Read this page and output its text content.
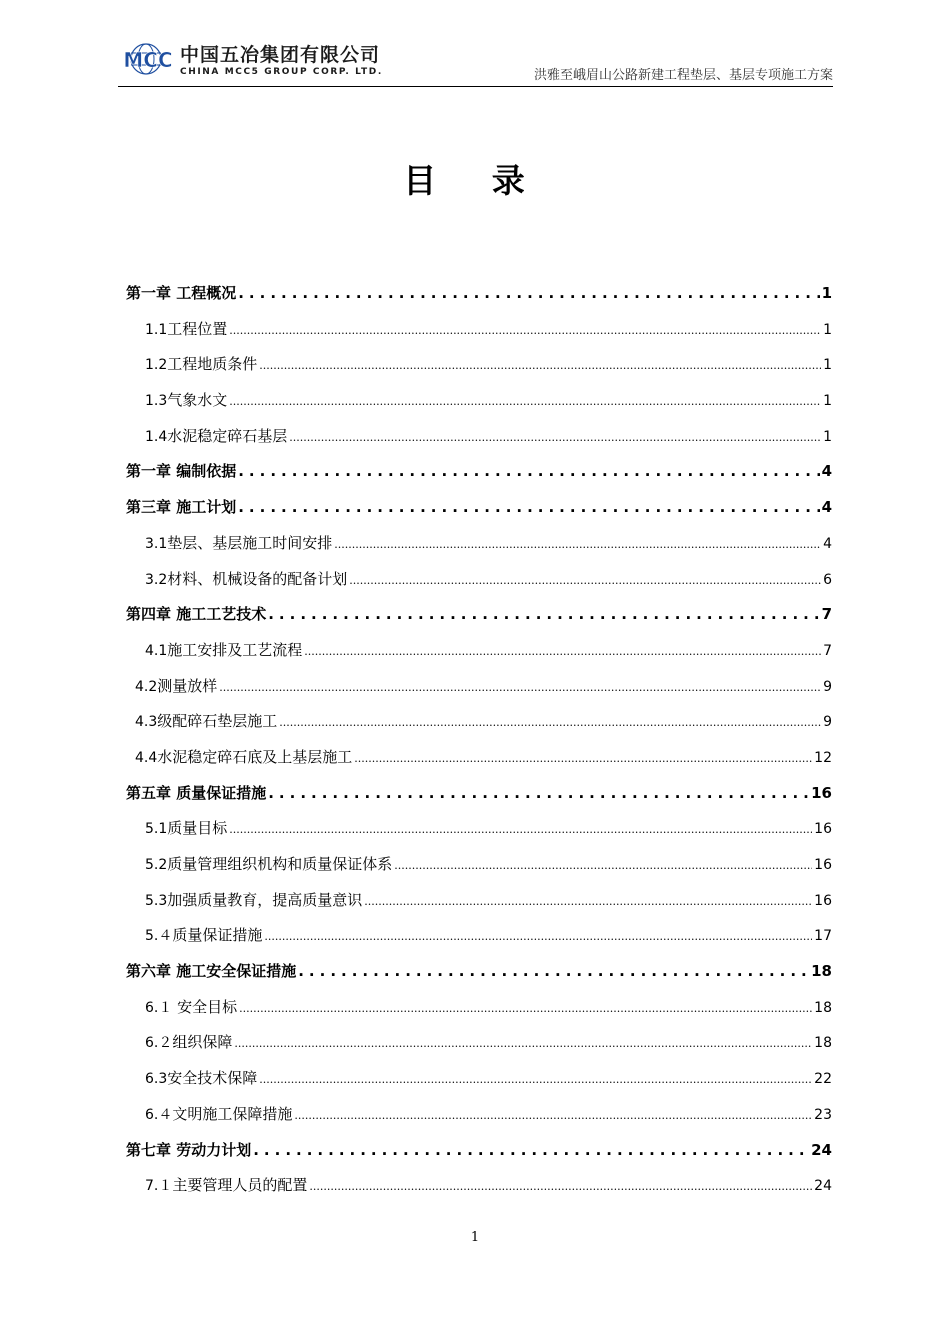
MCC 中国五冶集团有限公司
CHINA MCC5 GROUP CORP. LTD.	洪雅至峨眉山公路新建工程垫层、基层专项施工方案
目 录
第一章 工程概况 .....	1
1.1工程位置 .....	1
1.2工程地质条件 .....	1
1.3气象水文 .....	1
1.4水泥稳定碎石基层 .....	1
第一章 编制依据 .....	4
第三章 施工计划 .....	4
3.1垫层、基层施工时间安排 .....	4
3.2材料、机械设备的配备计划 .....	6
第四章 施工工艺技术 .....	7
4.1施工安排及工艺流程 .....	7
4.2测量放样 .....	9
4.3级配碎石垫层施工 .....	9
4.4水泥稳定碎石底及上基层施工 .....	12
第五章 质量保证措施 .....	16
5.1质量目标 .....	16
5.2质量管理组织机构和质量保证体系 .....	16
5.3加强质量教育，提高质量意识 .....	16
5.４质量保证措施 .....	17
第六章 施工安全保证措施 .....	18
6.１ 安全目标 .....	18
6.２组织保障 .....	18
6.3安全技术保障 .....	22
6.４文明施工保障措施 .....	23
第七章 劳动力计划 .....	24
7.１主要管理人员的配置 .....	24
1
